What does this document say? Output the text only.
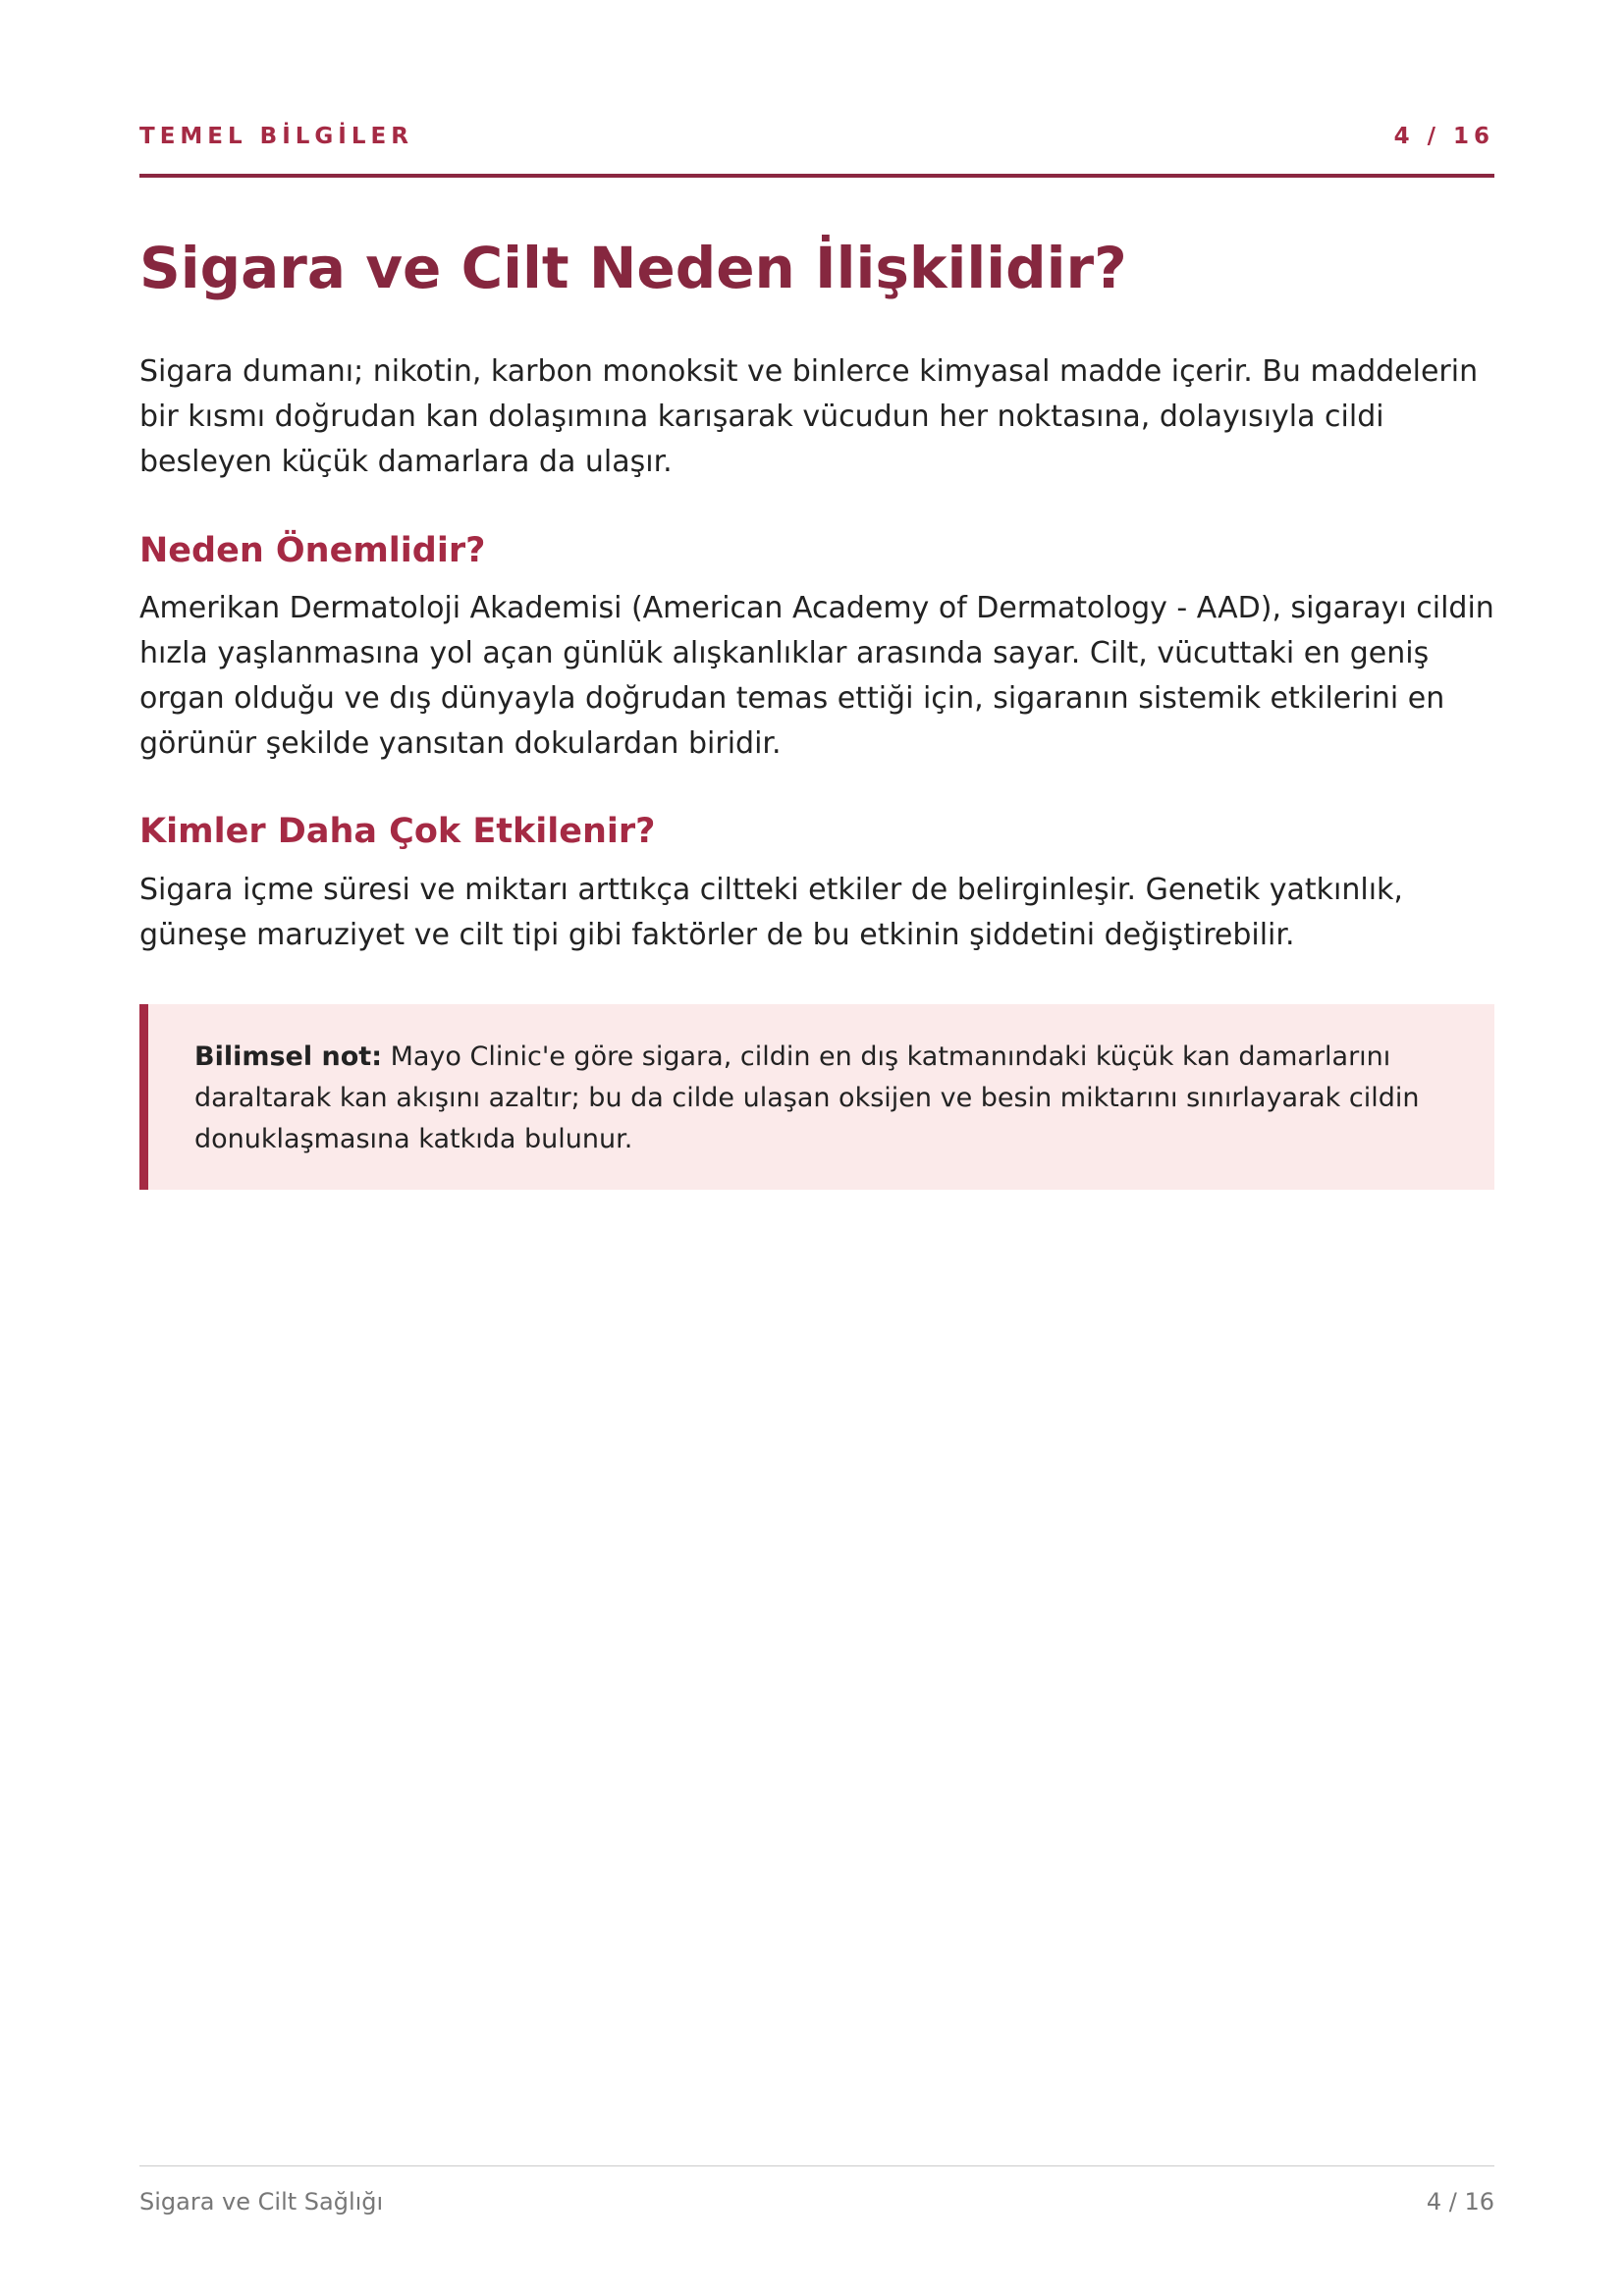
TEMEL BİLGİLER	4 / 16
Sigara ve Cilt Neden İlişkilidir?

Sigara dumanı; nikotin, karbon monoksit ve binlerce kimyasal madde içerir. Bu maddelerin bir kısmı doğrudan kan dolaşımına karışarak vücudun her noktasına, dolayısıyla cildi besleyen küçük damarlara da ulaşır.

Neden Önemlidir?

Amerikan Dermatoloji Akademisi (American Academy of Dermatology - AAD), sigarayı cildin hızla yaşlanmasına yol açan günlük alışkanlıklar arasında sayar. Cilt, vücuttaki en geniş organ olduğu ve dış dünyayla doğrudan temas ettiği için, sigaranın sistemik etkilerini en görünür şekilde yansıtan dokulardan biridir.

Kimler Daha Çok Etkilenir?

Sigara içme süresi ve miktarı arttıkça ciltteki etkiler de belirginleşir. Genetik yatkınlık, güneşe maruziyet ve cilt tipi gibi faktörler de bu etkinin şiddetini değiştirebilir.

Bilimsel not: Mayo Clinic'e göre sigara, cildin en dış katmanındaki küçük kan damarlarını daraltarak kan akışını azaltır; bu da cilde ulaşan oksijen ve besin miktarını sınırlayarak cildin donuklaşmasına katkıda bulunur.
Sigara ve Cilt Sağlığı	4 / 16
